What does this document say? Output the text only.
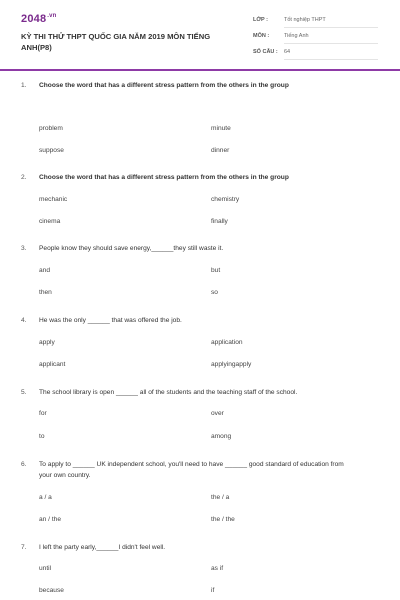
$2048^{.vn}$
KỲ THI THỬ THPT QUỐC GIA NĂM 2019 MÔN TIẾNG ANH(P8)
LỚP :	Tốt nghiệp THPT
MÔN :	Tiếng Anh
SỐ CÂU :	64
1. Choose the word that has a different stress pattern from the others in the group
problem	minute
suppose	dinner
2. Choose the word that has a different stress pattern from the others in the group
mechanic	chemistry
cinema	finally
3. People know they should save energy,______they still waste it.
and	but
then	so
4. He was the only ______ that was offered the job.
apply	application
applicant	applyingapply
5. The school library is open ______ all of the students and the teaching staff of the school.
for	over
to	among
6. To apply to ______ UK independent school, you'll need to have ______ good standard of education from your own country.
a / a	the / a
an / the	the / the
7. I left the party early,______I didn't feel well.
until	as if
because	if
